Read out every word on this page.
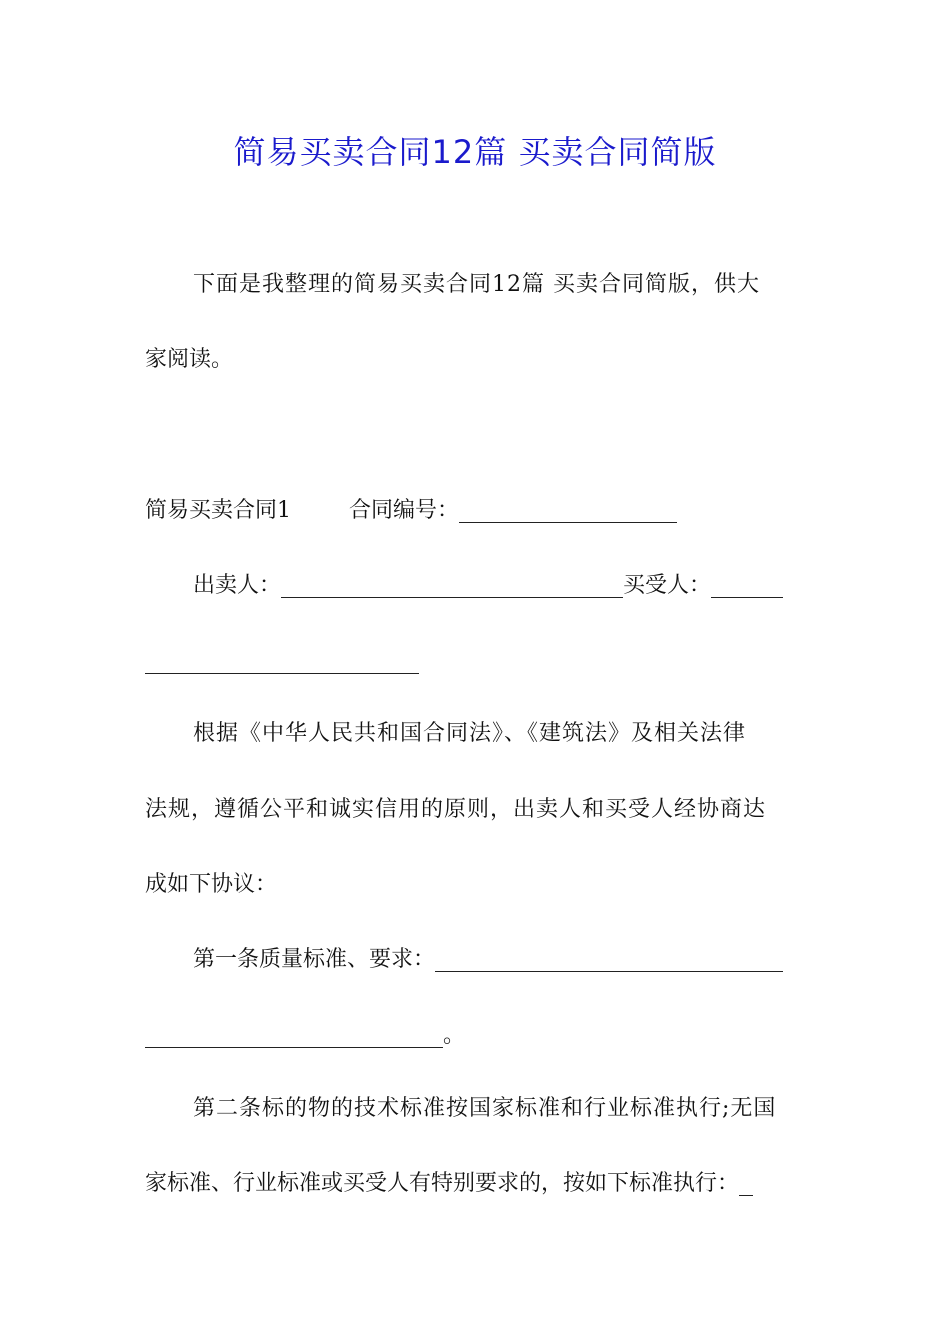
简易买卖合同12篇 买卖合同简版
下面是我整理的简易买卖合同12篇 买卖合同简版，供大
家阅读。
简易买卖合同1	合同编号：
出卖人：	买受人：
根据《中华人民共和国合同法》、《建筑法》及相关法律
法规，遵循公平和诚实信用的原则，出卖人和买受人经协商达
成如下协议：
第一条质量标准、要求：
。
第二条标的物的技术标准按国家标准和行业标准执行;无国
家标准、行业标准或买受人有特别要求的，按如下标准执行：
